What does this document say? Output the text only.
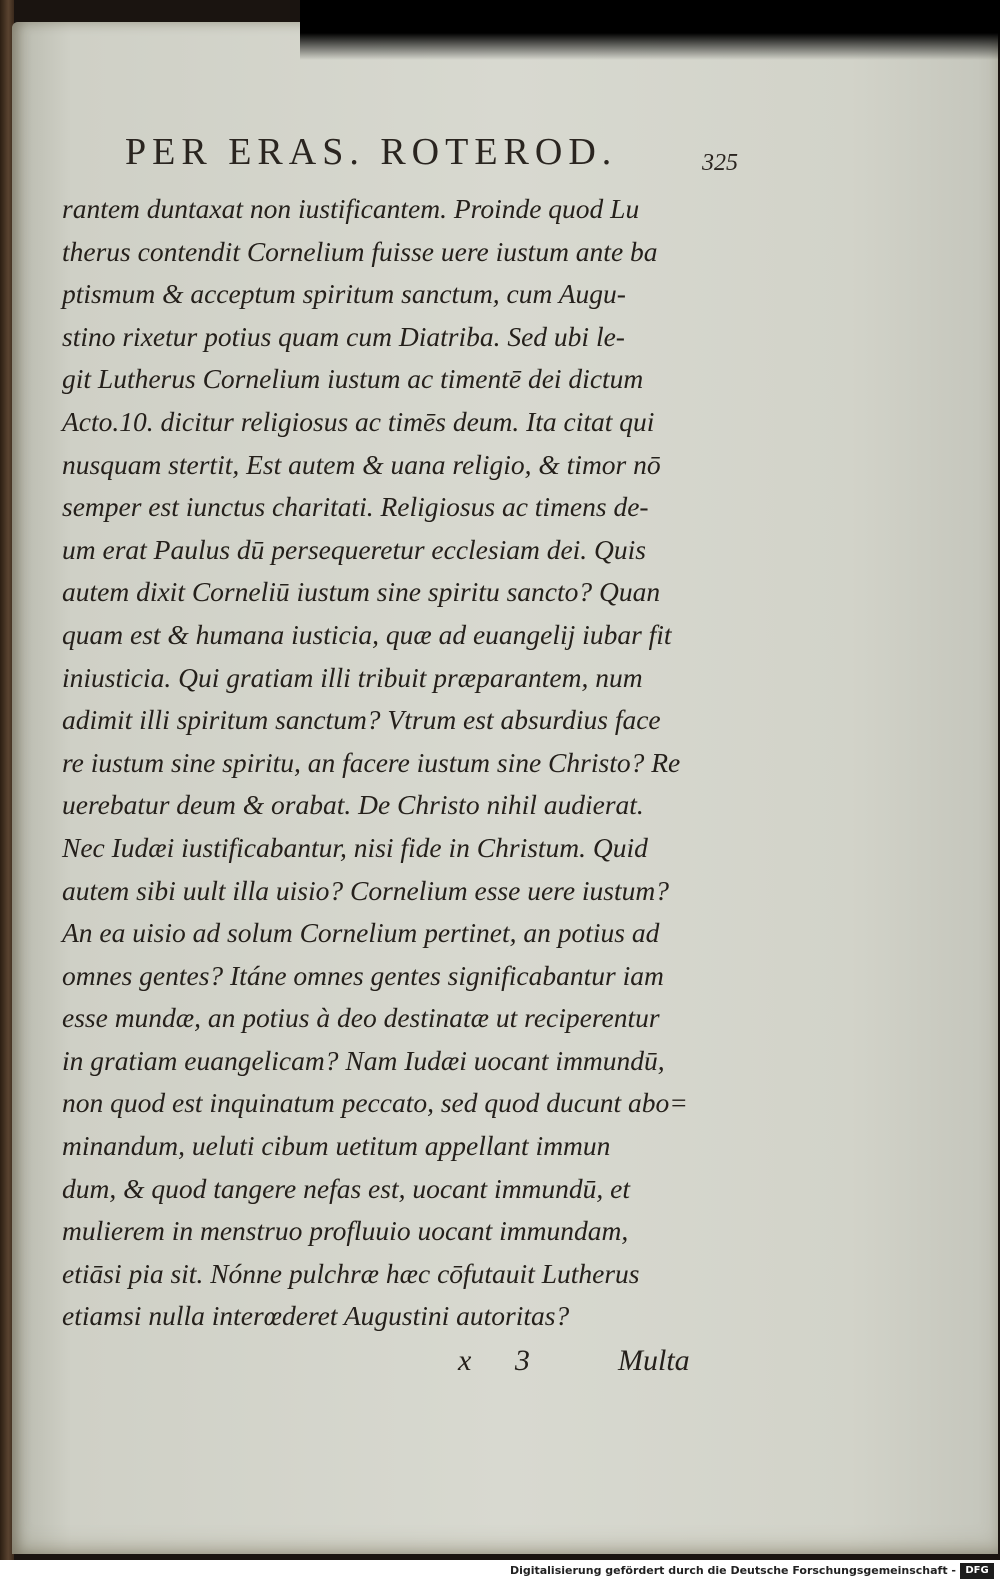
PER ERAS. ROTEROD.	325
rantem duntaxat non iustificantem. Proinde quod Lu
therus contendit Cornelium fuisse uere iustum ante ba
ptismum & acceptum spiritum sanctum, cum Augu-
stino rixetur potius quam cum Diatriba. Sed ubi le-
git Lutherus Cornelium iustum ac timentē dei dictum
Acto.10. dicitur religiosus ac timēs deum. Ita citat qui
nusquam stertit, Est autem & uana religio, & timor nō
semper est iunctus charitati. Religiosus ac timens de-
um erat Paulus dū persequeretur ecclesiam dei. Quis
autem dixit Corneliū iustum sine spiritu sancto? Quan
quam est & humana iusticia, quæ ad euangelij iubar fit
iniusticia. Qui gratiam illi tribuit præparantem, num
adimit illi spiritum sanctum? Vtrum est absurdius face
re iustum sine spiritu, an facere iustum sine Christo? Re
uerebatur deum & orabat. De Christo nihil audierat.
Nec Iudæi iustificabantur, nisi fide in Christum. Quid
autem sibi uult illa uisio? Cornelium esse uere iustum?
An ea uisio ad solum Cornelium pertinet, an potius ad
omnes gentes? Itáne omnes gentes significabantur iam
esse mundæ, an potius à deo destinatæ ut reciperentur
in gratiam euangelicam? Nam Iudæi uocant immundū,
non quod est inquinatum peccato, sed quod ducunt abo=
minandum, ueluti cibum uetitum appellant immun
dum, & quod tangere nefas est, uocant immundū, et
mulierem in menstruo profluuio uocant immundam,
etiāsi pia sit. Nónne pulchræ hæc cōfutauit Lutherus
etiamsi nulla interœderet Augustini autoritas?
x 3 Multa
Digitalisierung gefördert durch die Deutsche Forschungsgemeinschaft - DFG
